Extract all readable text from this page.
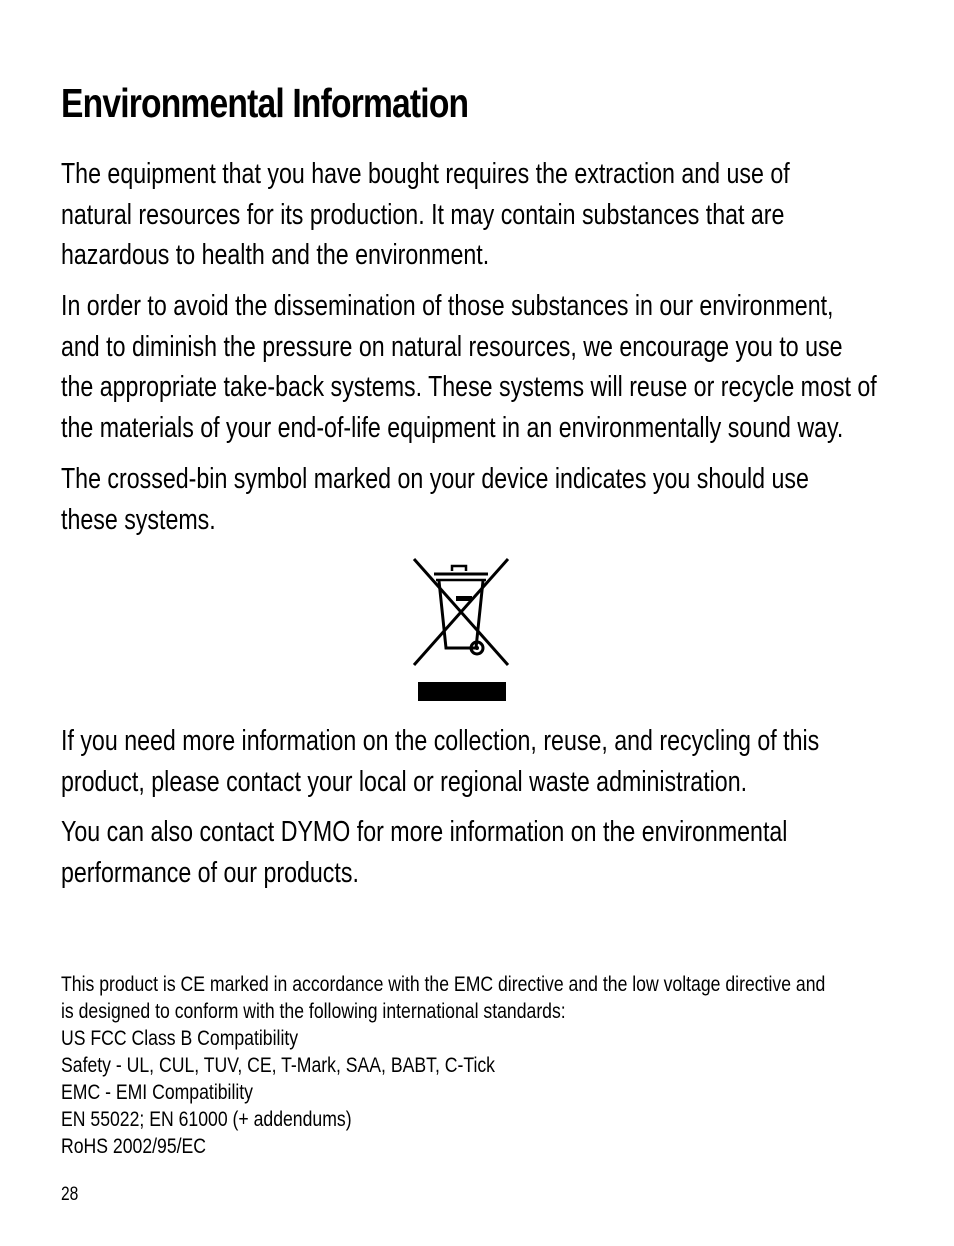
Environmental Information

The equipment that you have bought requires the extraction and use of
natural resources for its production. It may contain substances that are
hazardous to health and the environment.

In order to avoid the dissemination of those substances in our environment,
and to diminish the pressure on natural resources, we encourage you to use
the appropriate take-back systems. These systems will reuse or recycle most of
the materials of your end-of-life equipment in an environmentally sound way.

The crossed-bin symbol marked on your device indicates you should use
these systems.

If you need more information on the collection, reuse, and recycling of this
product, please contact your local or regional waste administration.

You can also contact DYMO for more information on the environmental
performance of our products.

This product is CE marked in accordance with the EMC directive and the low voltage directive and
is designed to conform with the following international standards:
US FCC Class B Compatibility
Safety - UL, CUL, TUV, CE, T-Mark, SAA, BABT, C-Tick
EMC - EMI Compatibility
EN 55022; EN 61000 (+ addendums)
RoHS 2002/95/EC

28
